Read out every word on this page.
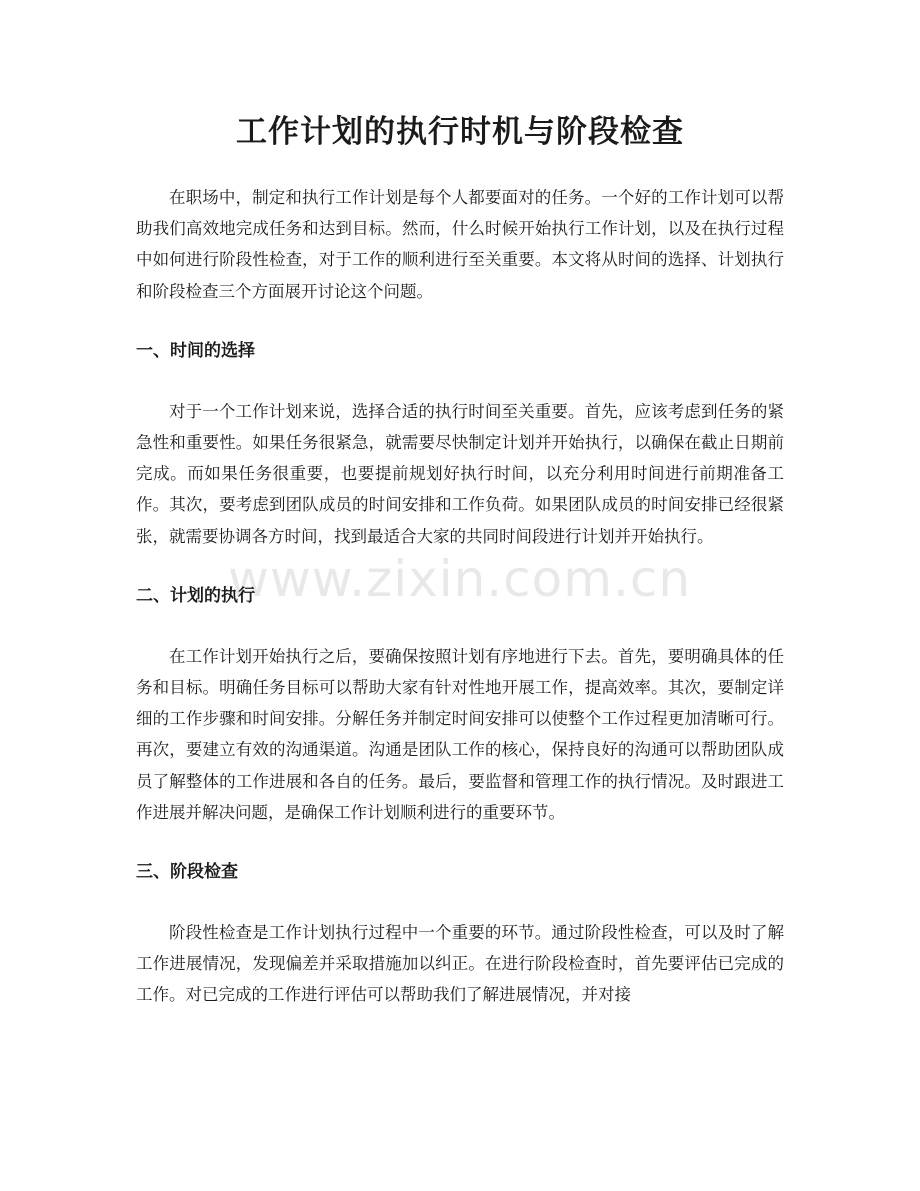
工作计划的执行时机与阶段检查

在职场中，制定和执行工作计划是每个人都要面对的任务。一个好的工作计划可以帮助我们高效地完成任务和达到目标。然而，什么时候开始执行工作计划，以及在执行过程中如何进行阶段性检查，对于工作的顺利进行至关重要。本文将从时间的选择、计划执行和阶段检查三个方面展开讨论这个问题。

一、时间的选择

对于一个工作计划来说，选择合适的执行时间至关重要。首先，应该考虑到任务的紧急性和重要性。如果任务很紧急，就需要尽快制定计划并开始执行，以确保在截止日期前完成。而如果任务很重要，也要提前规划好执行时间，以充分利用时间进行前期准备工作。其次，要考虑到团队成员的时间安排和工作负荷。如果团队成员的时间安排已经很紧张，就需要协调各方时间，找到最适合大家的共同时间段进行计划并开始执行。

二、计划的执行

在工作计划开始执行之后，要确保按照计划有序地进行下去。首先，要明确具体的任务和目标。明确任务目标可以帮助大家有针对性地开展工作，提高效率。其次，要制定详细的工作步骤和时间安排。分解任务并制定时间安排可以使整个工作过程更加清晰可行。再次，要建立有效的沟通渠道。沟通是团队工作的核心，保持良好的沟通可以帮助团队成员了解整体的工作进展和各自的任务。最后，要监督和管理工作的执行情况。及时跟进工作进展并解决问题，是确保工作计划顺利进行的重要环节。

三、阶段检查

阶段性检查是工作计划执行过程中一个重要的环节。通过阶段性检查，可以及时了解工作进展情况，发现偏差并采取措施加以纠正。在进行阶段检查时，首先要评估已完成的工作。对已完成的工作进行评估可以帮助我们了解进展情况，并对接

www.zixin.com.cn
